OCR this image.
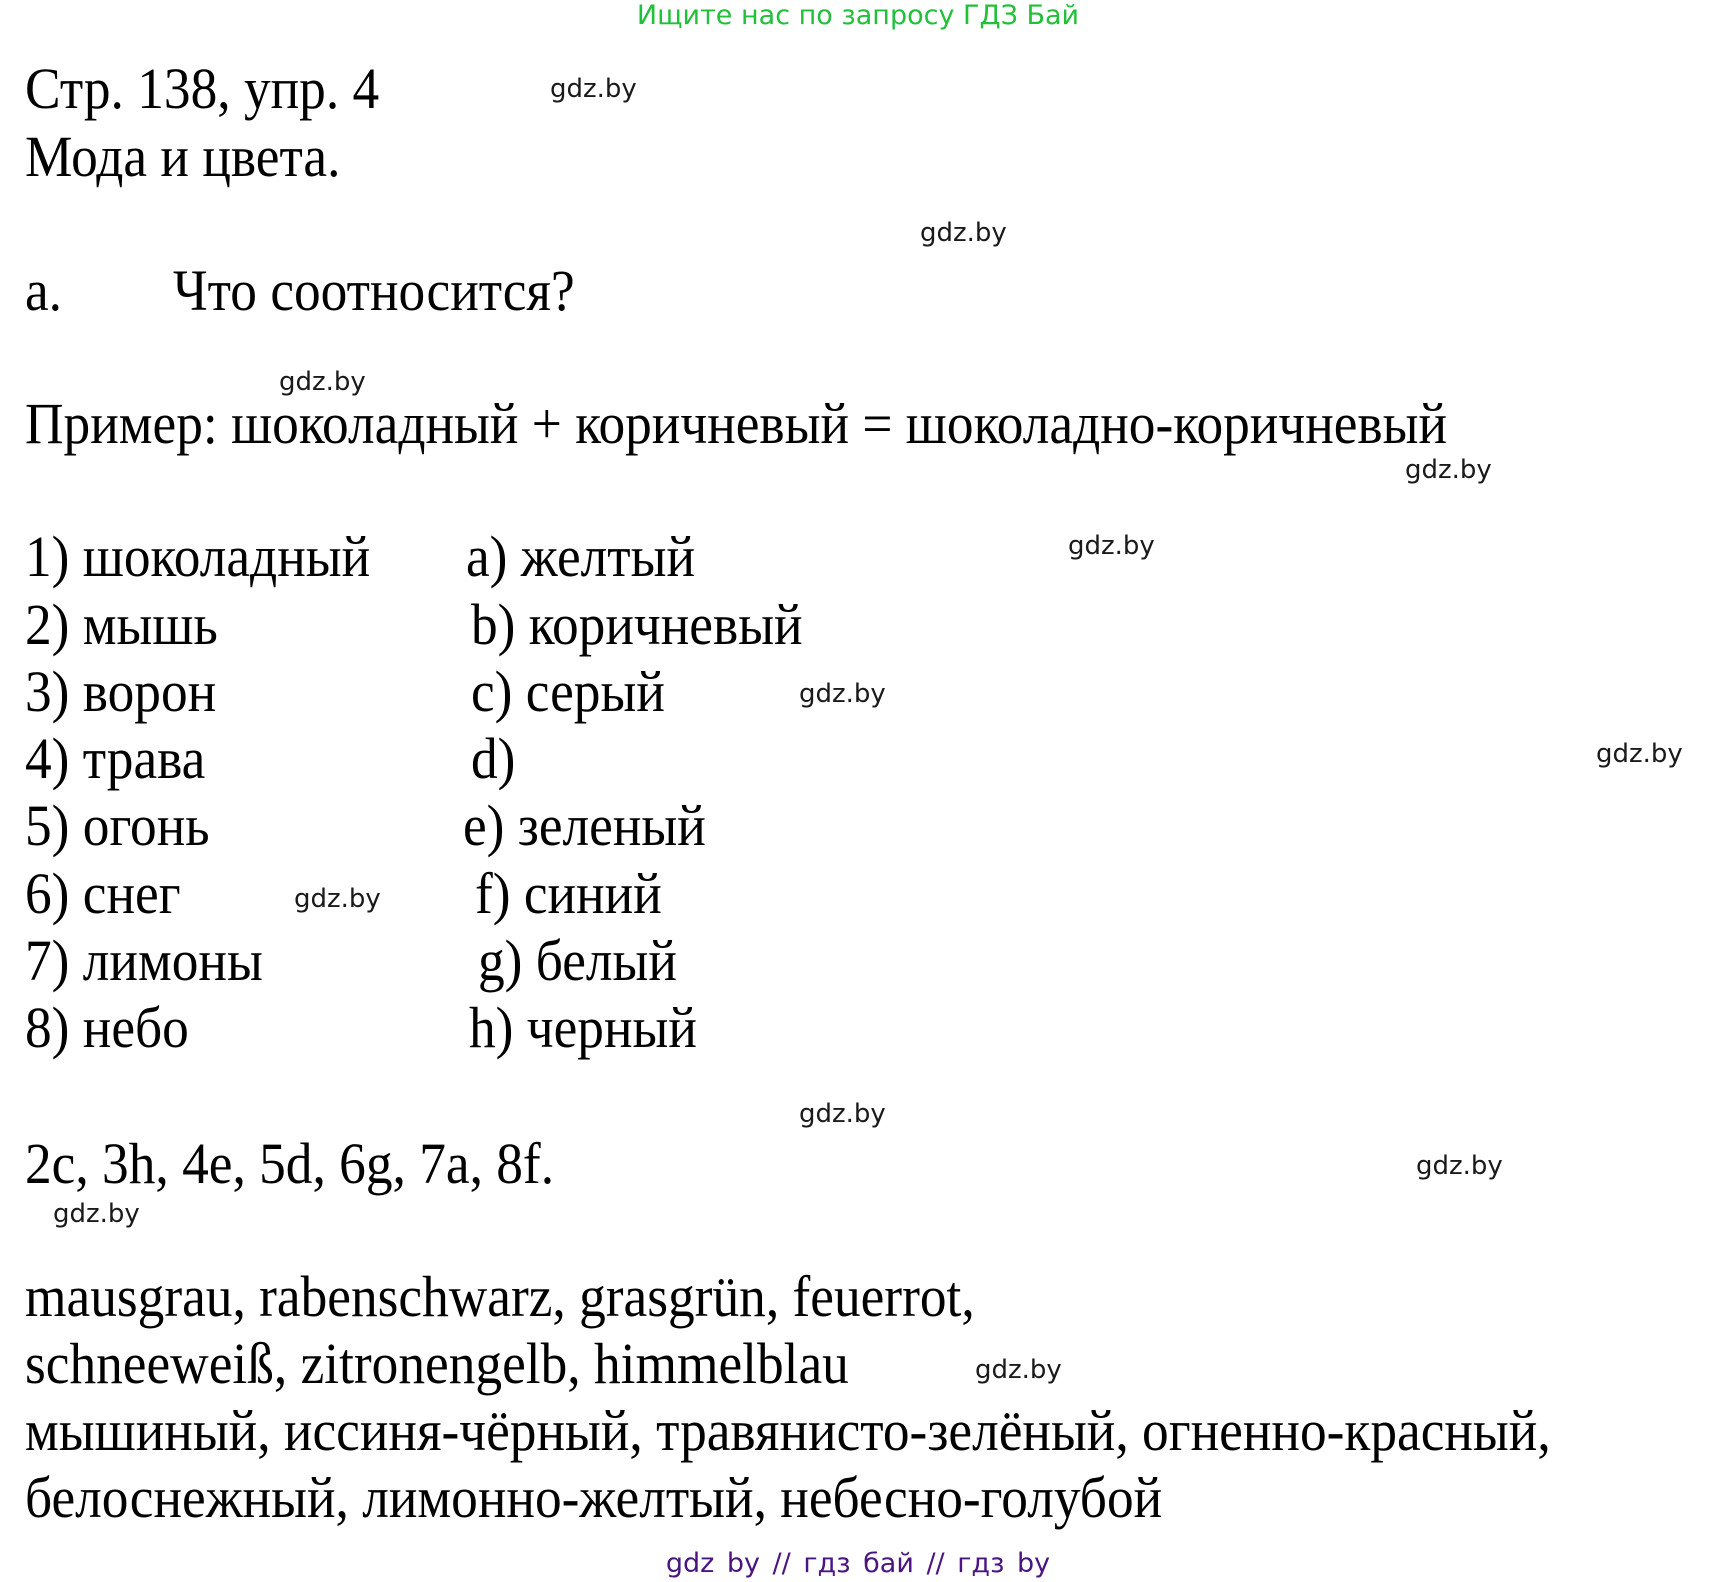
Ищите нас по запросу ГДЗ Бай
Стр. 138, упр. 4
Мода и цвета.
а. Что соотносится?
Пример: шоколадный + коричневый = шоколадно-коричневый
1) шоколадный
2) мышь
3) ворон
4) трава
5) огонь
6) снег
7) лимоны
8) небо
a) желтый
b) коричневый
c) серый
d)
e) зеленый
f) синий
g) белый
h) черный
2c, 3h, 4e, 5d, 6g, 7a, 8f.
mausgrau, rabenschwarz, grasgrün, feuerrot,
schneeweiß, zitronengelb, himmelblau
мышиный, иссиня-чёрный, травянисто-зелёный, огненно-красный,
белоснежный, лимонно-желтый, небесно-голубой
gdz.by
gdz.by
gdz.by
gdz.by
gdz.by
gdz.by
gdz.by
gdz.by
gdz.by
gdz.by
gdz.by
gdz.by
gdz by // гдз бай // гдз by
